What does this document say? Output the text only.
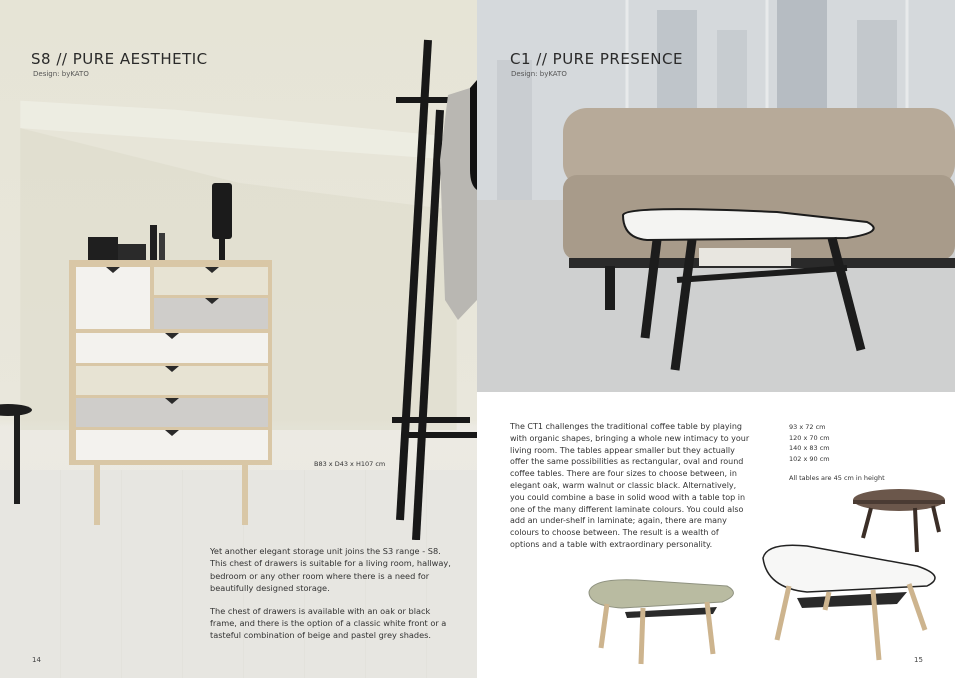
S8 // PURE AESTHETIC
Design: byKATO
B83 x D43 x H107 cm

Yet another elegant storage unit joins the S3 range - S8. This chest of drawers is suitable for a living room, hallway, bedroom or any other room where there is a need for beautifully designed storage.

The chest of drawers is available with an oak or black frame, and there is the option of a classic white front or a tasteful combination of beige and pastel grey shades.

14
C1 // PURE PRESENCE
Design: byKATO
The CT1 challenges the traditional coffee table by playing with organic shapes, bringing a whole new intimacy to your living room. The tables appear smaller but they actually offer the same possibilities as rectangular, oval and round coffee tables. There are four sizes to choose between, in elegant oak, warm walnut or classic black. Alternatively, you could combine a base in solid wood with a table top in one of the many different laminate colours. You could also add an under-shelf in laminate; again, there are many colours to choose between. The result is a wealth of options and a table with extraordinary personality.
93 x 72 cm
120 x 70 cm
140 x 83 cm
102 x 90 cm
All tables are 45 cm in height
15
